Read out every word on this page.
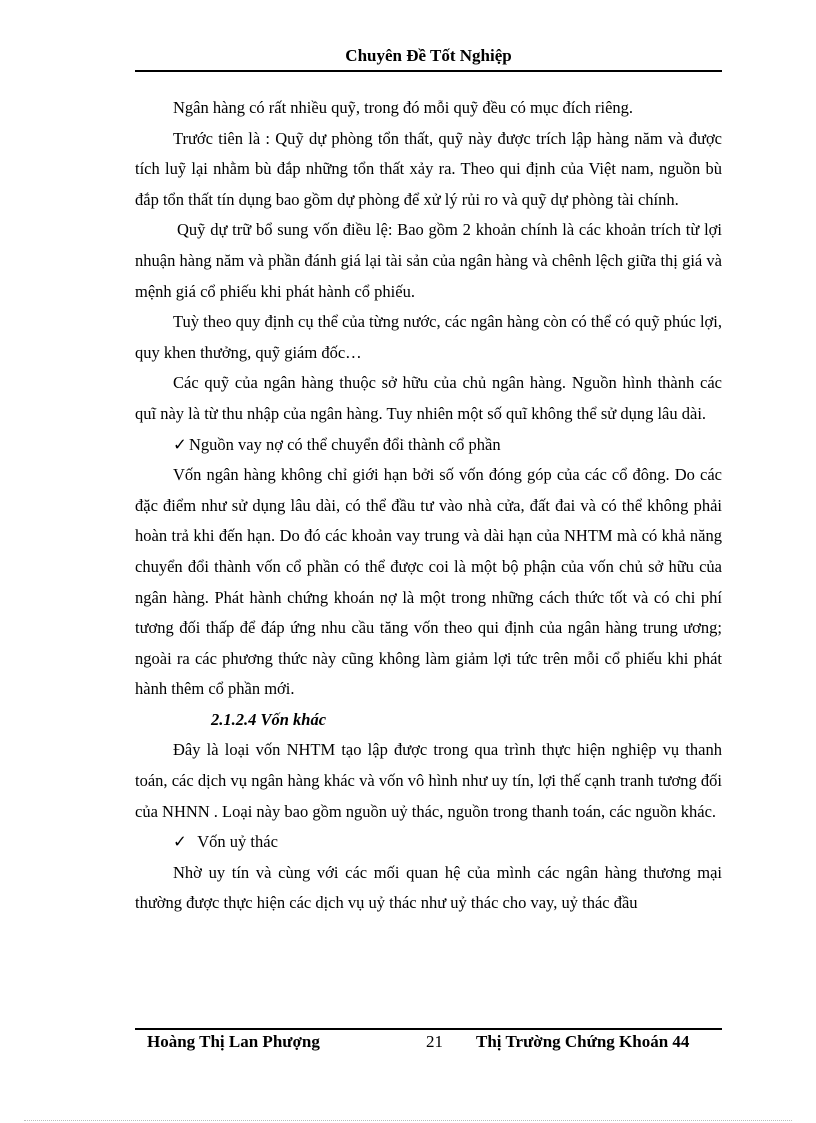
Chuyên Đề Tốt Nghiệp

Ngân hàng có rất nhiều quỹ, trong đó mỗi quỹ đều có mục đích riêng.

Trước tiên là : Quỹ dự phòng tổn thất, quỹ này được trích lập hàng năm và được tích luỹ lại nhằm bù đắp những tổn thất xảy ra. Theo qui định của Việt nam, nguồn bù đắp tổn thất tín dụng bao gồm dự phòng để xử lý rủi ro và quỹ dự phòng tài chính.

Quỹ dự trữ bổ sung vốn điều lệ: Bao gồm 2 khoản chính là các khoản trích từ lợi nhuận hàng năm và phần đánh giá lại tài sản của ngân hàng và chênh lệch giữa thị giá và mệnh giá cổ phiếu khi phát hành cổ phiếu.

Tuỳ theo quy định cụ thể của từng nước, các ngân hàng còn có thể có quỹ phúc lợi, quy khen thưởng, quỹ giám đốc…

Các quỹ của ngân hàng thuộc sở hữu của chủ ngân hàng. Nguồn hình thành các quĩ này là từ thu nhập của ngân hàng. Tuy nhiên một số quĩ không thể sử dụng lâu dài.

✓ Nguồn vay nợ có thể chuyển đổi thành cổ phần

Vốn ngân hàng không chỉ giới hạn bởi số vốn đóng góp của các cổ đông. Do các đặc điểm như sử dụng lâu dài, có thể đầu tư vào nhà cửa, đất đai và có thể không phải hoàn trả khi đến hạn. Do đó các khoản vay trung và dài hạn của NHTM mà có khả năng chuyển đổi thành vốn cổ phần có thể được coi là một bộ phận của vốn chủ sở hữu của ngân hàng. Phát hành chứng khoán nợ là một trong những cách thức tốt và có chi phí tương đối thấp để đáp ứng nhu cầu tăng vốn theo qui định của ngân hàng trung ương; ngoài ra các phương thức này cũng không làm giảm lợi tức trên mỗi cổ phiếu khi phát hành thêm cổ phần mới.

2.1.2.4 Vốn khác

Đây là loại vốn NHTM tạo lập được trong qua trình thực hiện nghiệp vụ thanh toán, các dịch vụ ngân hàng khác và vốn vô hình như uy tín, lợi thế cạnh tranh tương đối của NHNN . Loại này bao gồm nguồn uỷ thác, nguồn trong thanh toán, các nguồn khác.

✓ Vốn uỷ thác

Nhờ uy tín và cùng với các mối quan hệ của mình các ngân hàng thương mại thường được thực hiện các dịch vụ uỷ thác như uỷ thác cho vay, uỷ thác đầu

Hoàng Thị Lan Phượng	21 Thị Trường Chứng Khoán 44
